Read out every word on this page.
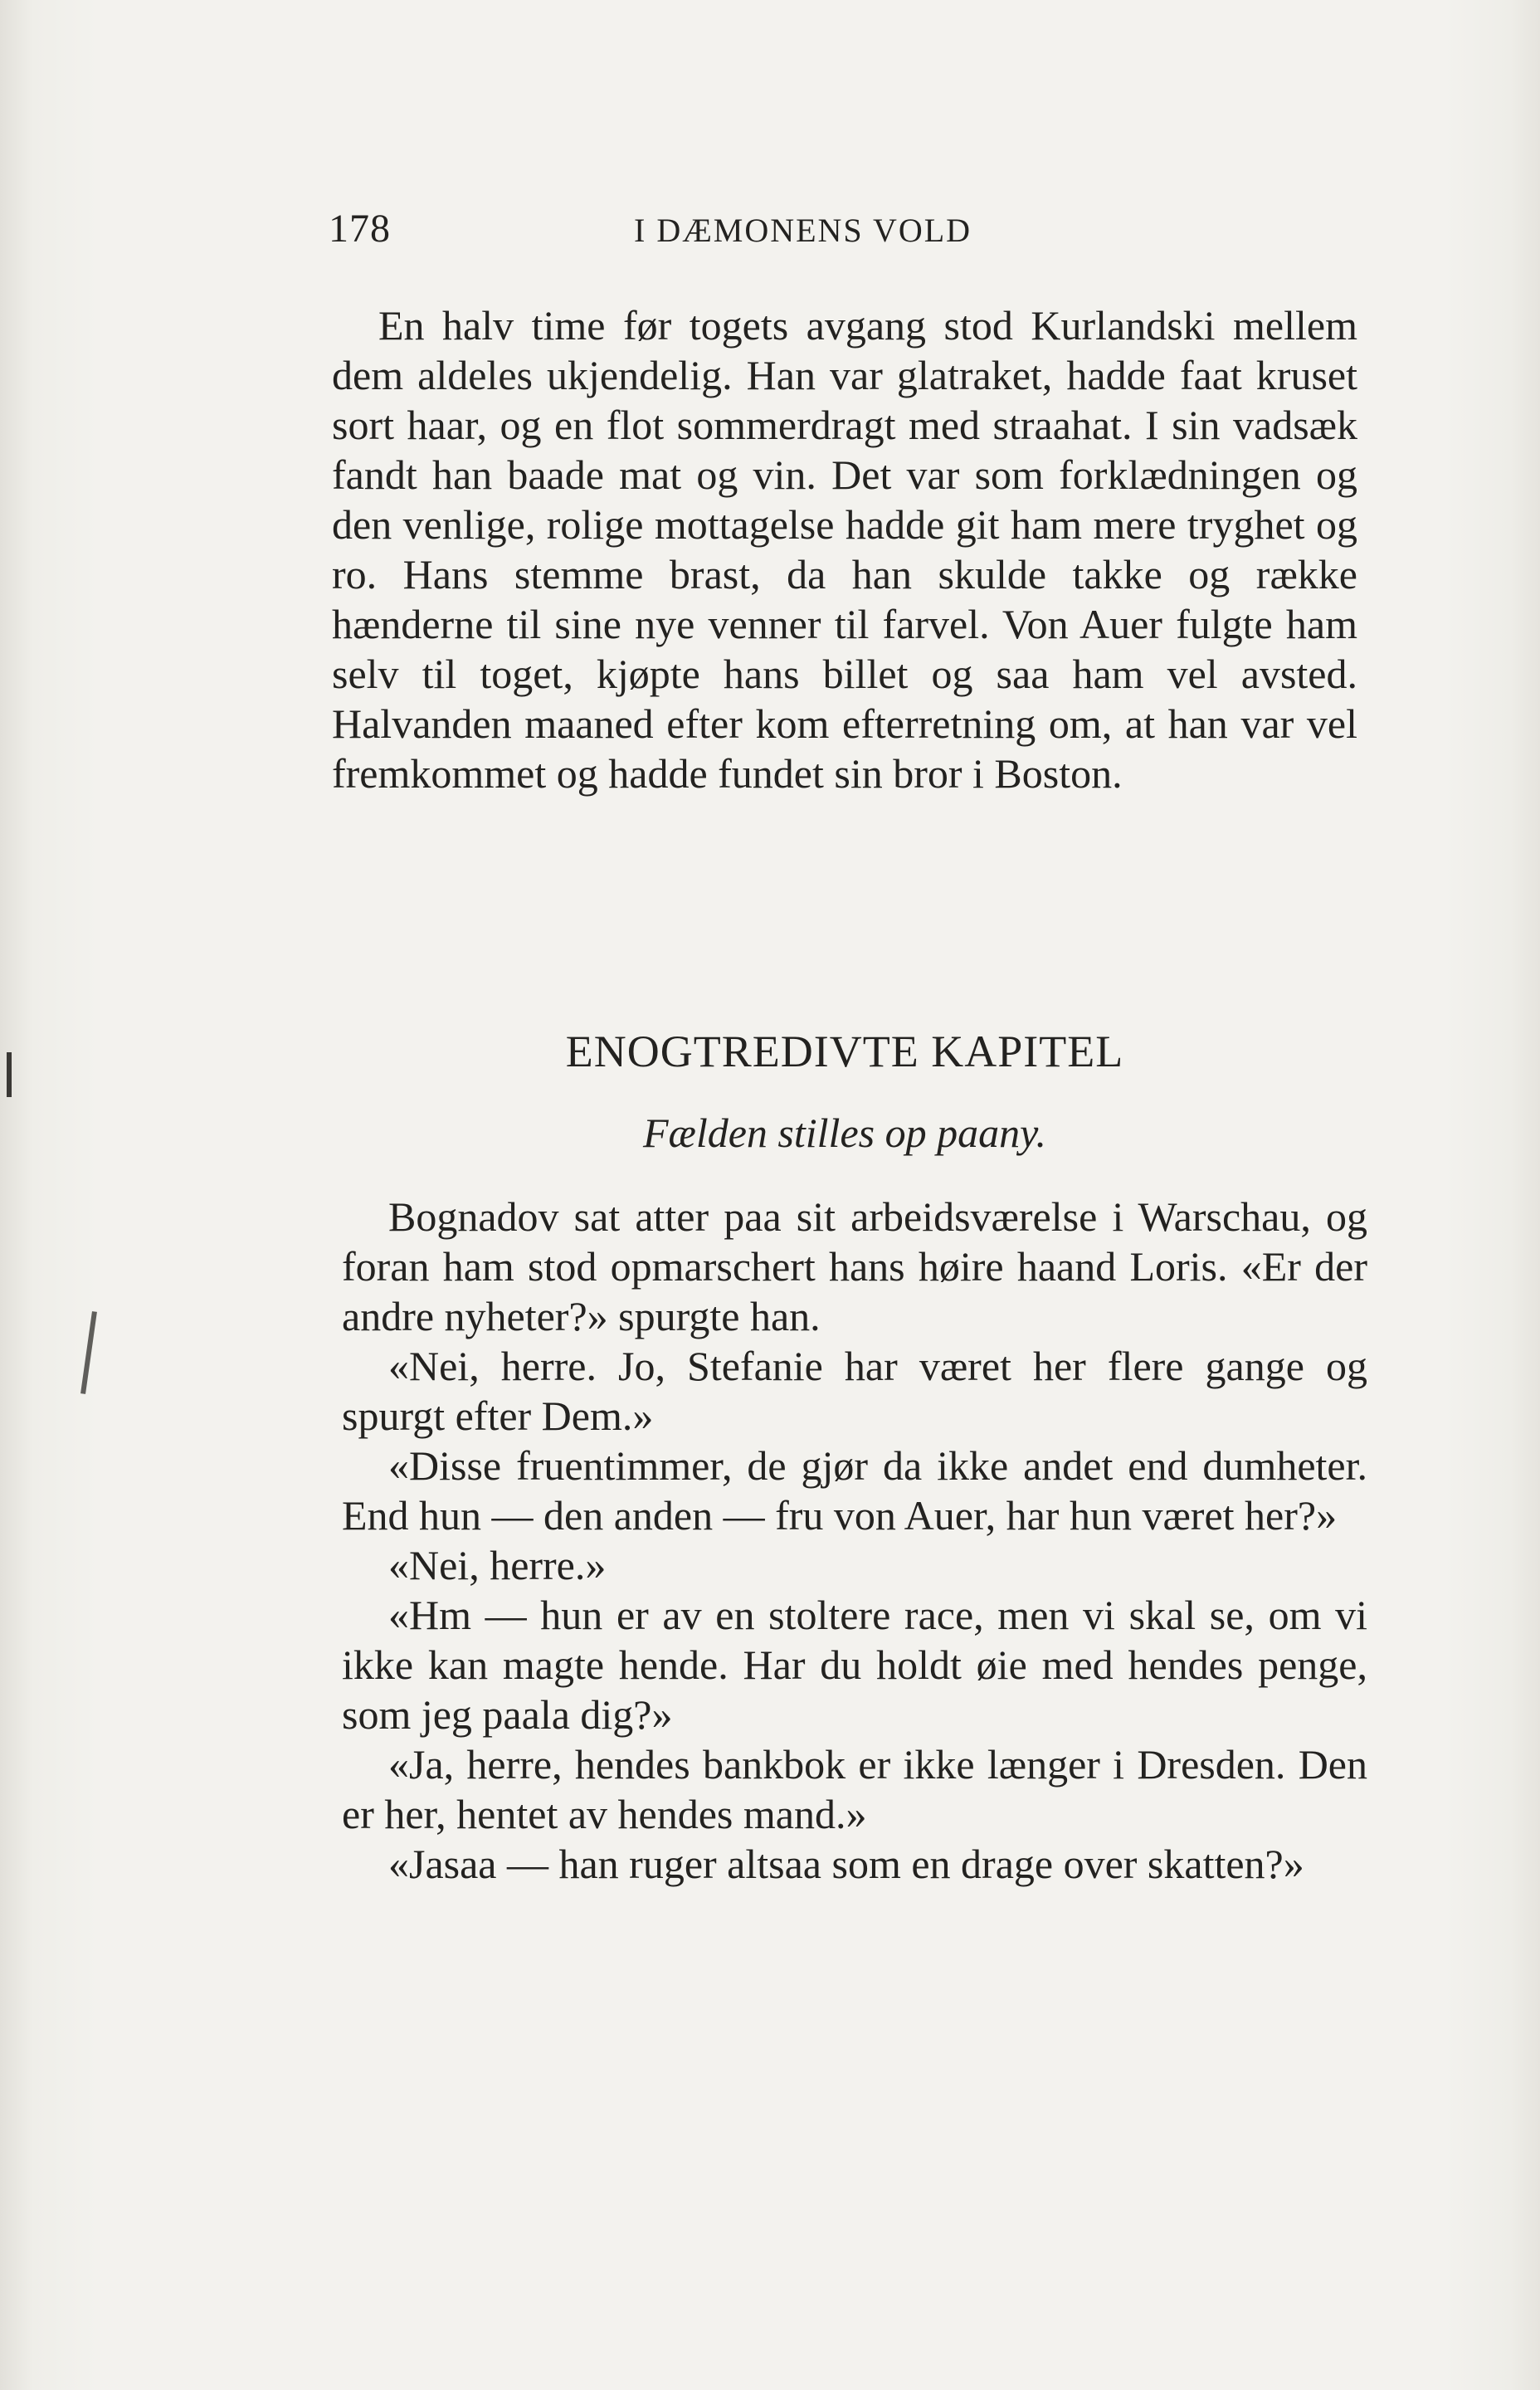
178	I DÆMONENS VOLD

En halv time før togets avgang stod Kurlandski mellem dem aldeles ukjendelig. Han var glatraket, hadde faat kruset sort haar, og en flot sommerdragt med straahat. I sin vadsæk fandt han baade mat og vin. Det var som forklædningen og den venlige, rolige mottagelse hadde git ham mere tryghet og ro. Hans stemme brast, da han skulde takke og række hænderne til sine nye venner til farvel. Von Auer fulgte ham selv til toget, kjøpte hans billet og saa ham vel avsted. Halvanden maaned efter kom efterretning om, at han var vel fremkommet og hadde fundet sin bror i Boston.

ENOGTREDIVTE KAPITEL
Fælden stilles op paany.

Bognadov sat atter paa sit arbeidsværelse i Warschau, og foran ham stod opmarschert hans høire haand Loris. «Er der andre nyheter?» spurgte han.

«Nei, herre. Jo, Stefanie har været her flere gange og spurgt efter Dem.»

«Disse fruentimmer, de gjør da ikke andet end dumheter. End hun — den anden — fru von Auer, har hun været her?»

«Nei, herre.»

«Hm — hun er av en stoltere race, men vi skal se, om vi ikke kan magte hende. Har du holdt øie med hendes penge, som jeg paala dig?»

«Ja, herre, hendes bankbok er ikke længer i Dresden. Den er her, hentet av hendes mand.»

«Jasaa — han ruger altsaa som en drage over skatten?»
